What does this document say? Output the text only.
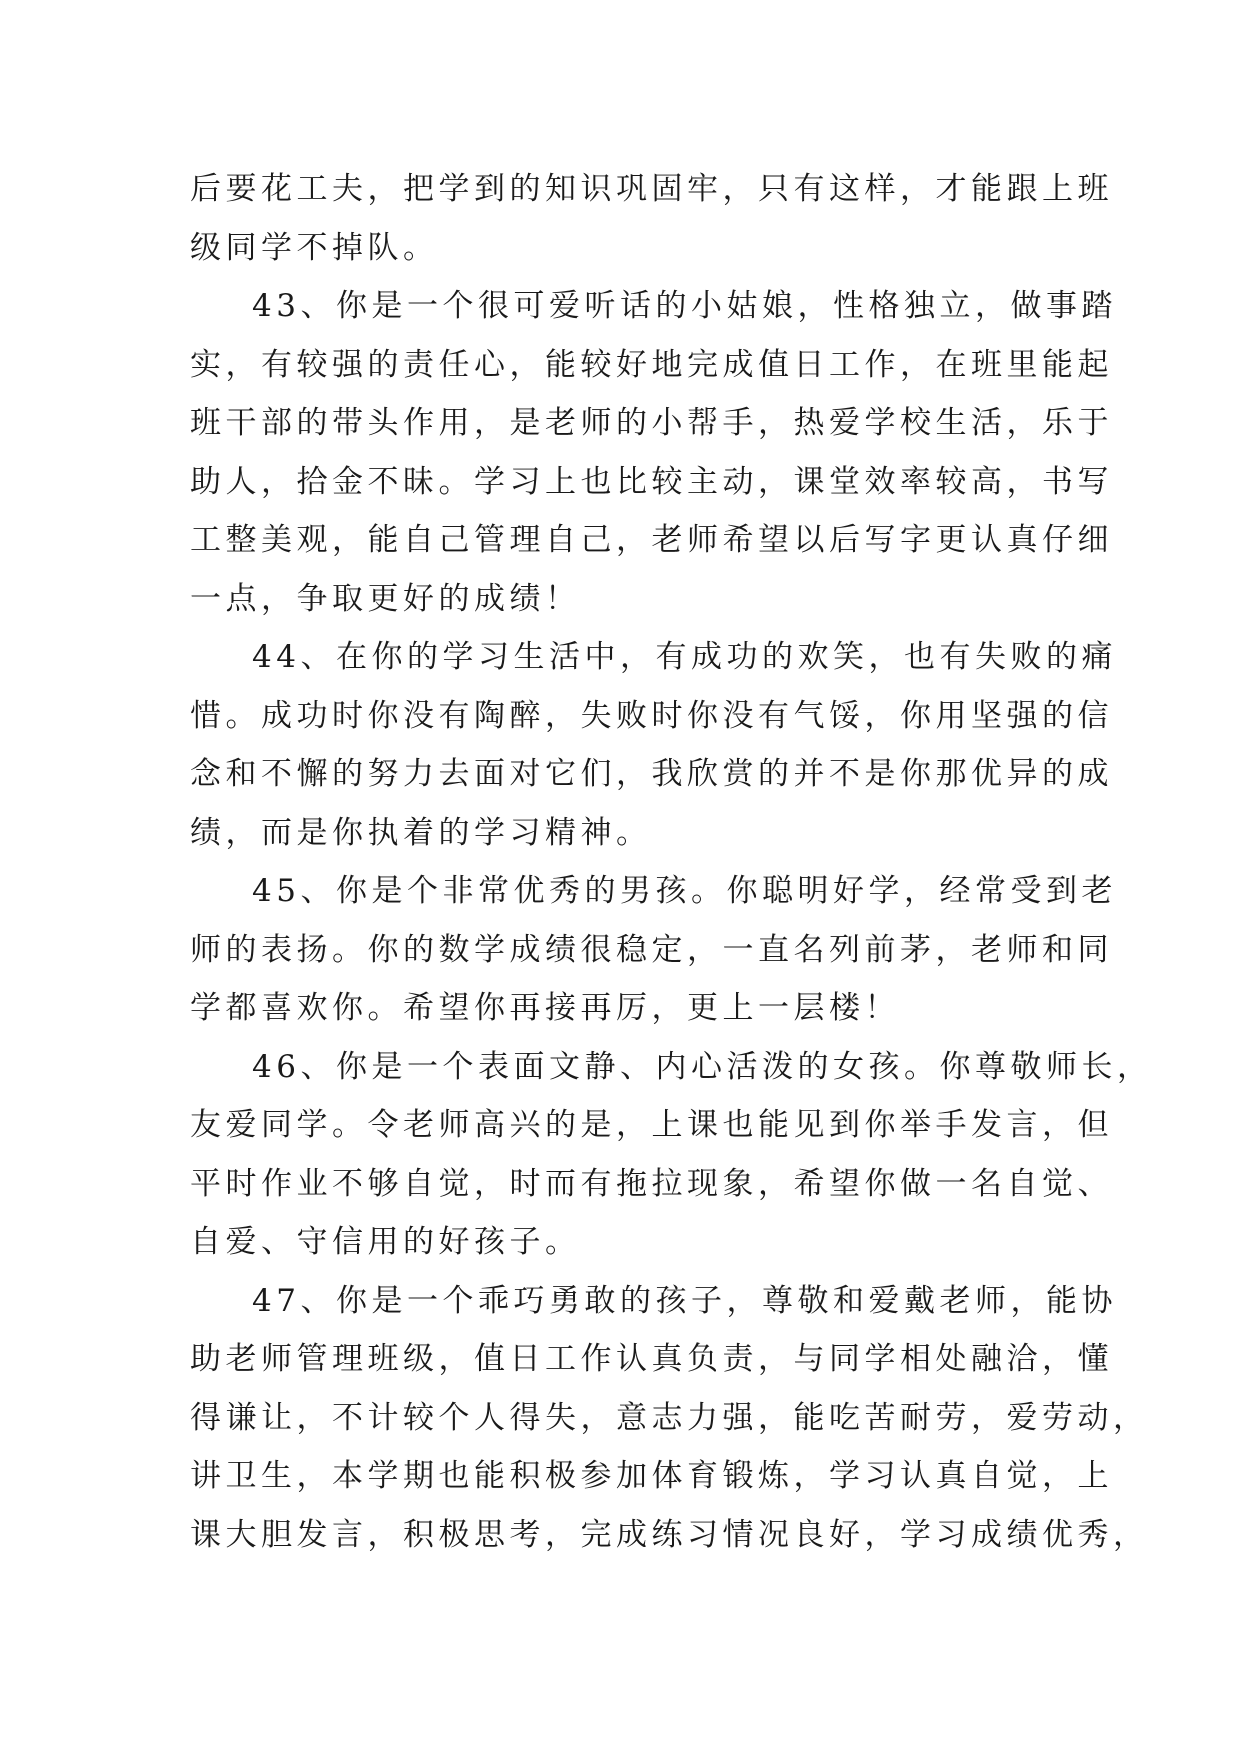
后要花工夫，把学到的知识巩固牢，只有这样，才能跟上班
级同学不掉队。
43、你是一个很可爱听话的小姑娘，性格独立，做事踏
实，有较强的责任心，能较好地完成值日工作，在班里能起
班干部的带头作用，是老师的小帮手，热爱学校生活，乐于
助人，拾金不昧。学习上也比较主动，课堂效率较高，书写
工整美观，能自己管理自己，老师希望以后写字更认真仔细
一点，争取更好的成绩！
44、在你的学习生活中，有成功的欢笑，也有失败的痛
惜。成功时你没有陶醉，失败时你没有气馁，你用坚强的信
念和不懈的努力去面对它们，我欣赏的并不是你那优异的成
绩，而是你执着的学习精神。
45、你是个非常优秀的男孩。你聪明好学，经常受到老
师的表扬。你的数学成绩很稳定，一直名列前茅，老师和同
学都喜欢你。希望你再接再厉，更上一层楼！
46、你是一个表面文静、内心活泼的女孩。你尊敬师长，
友爱同学。令老师高兴的是，上课也能见到你举手发言，但
平时作业不够自觉，时而有拖拉现象，希望你做一名自觉、
自爱、守信用的好孩子。
47、你是一个乖巧勇敢的孩子，尊敬和爱戴老师，能协
助老师管理班级，值日工作认真负责，与同学相处融洽，懂
得谦让，不计较个人得失，意志力强，能吃苦耐劳，爱劳动，
讲卫生，本学期也能积极参加体育锻炼，学习认真自觉，上
课大胆发言，积极思考，完成练习情况良好，学习成绩优秀，
